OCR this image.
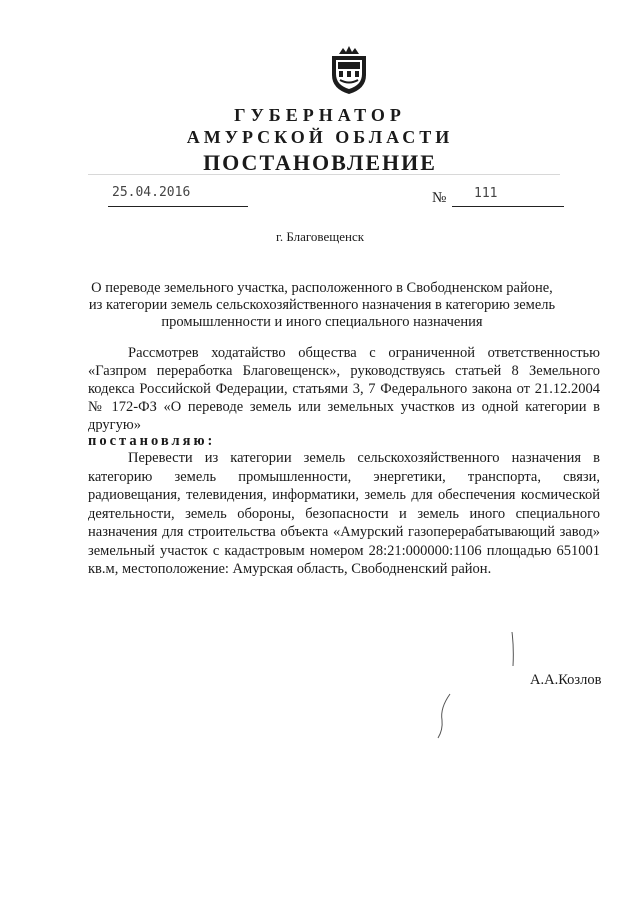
ГУБЕРНАТОР
АМУРСКОЙ ОБЛАСТИ
ПОСТАНОВЛЕНИЕ
25.04.2016	№ 111
г. Благовещенск
О переводе земельного участка, расположенного в Свободненском районе, из категории земель сельскохозяйственного назначения в категорию земель промышленности и иного специального назначения
Рассмотрев ходатайство общества с ограниченной ответственностью «Газпром переработка Благовещенск», руководствуясь статьей 8 Земельного кодекса Российской Федерации, статьями 3, 7 Федерального закона от 21.12.2004 № 172-ФЗ «О переводе земель или земельных участков из одной категории в другую»
постановляю:
Перевести из категории земель сельскохозяйственного назначения в категорию земель промышленности, энергетики, транспорта, связи, радиовещания, телевидения, информатики, земель для обеспечения космической деятельности, земель обороны, безопасности и земель иного специального назначения для строительства объекта «Амурский газоперерабатывающий завод» земельный участок с кадастровым номером 28:21:000000:1106 площадью 651001 кв.м, местоположение: Амурская область, Свободненский район.
А.А.Козлов
